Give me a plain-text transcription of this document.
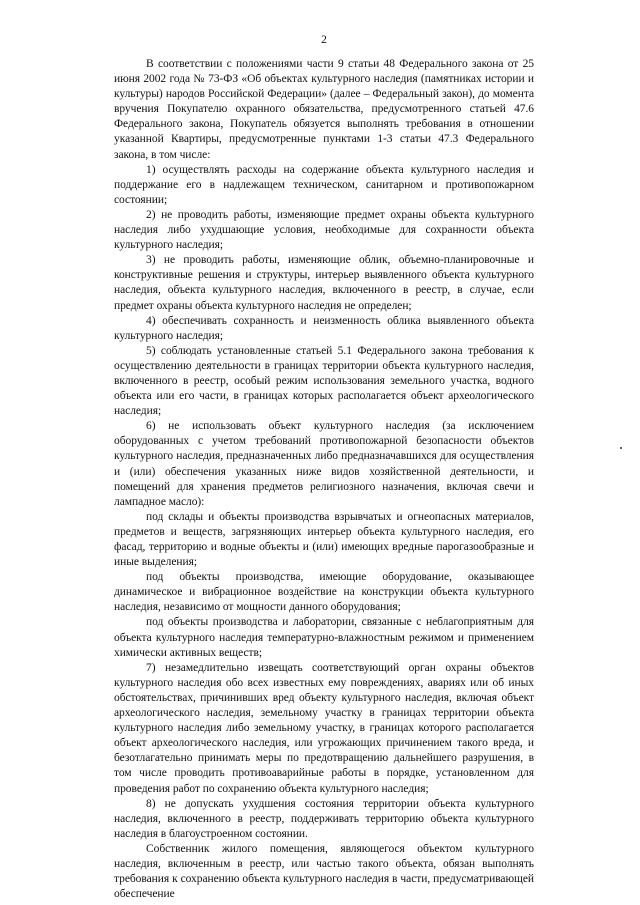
2

В соответствии с положениями части 9 статьи 48 Федерального закона от 25 июня 2002 года № 73-ФЗ «Об объектах культурного наследия (памятниках истории и культуры) народов Российской Федерации» (далее – Федеральный закон), до момента вручения Покупателю охранного обязательства, предусмотренного статьей 47.6 Федерального закона, Покупатель обязуется выполнять требования в отношении указанной Квартиры, предусмотренные пунктами 1-3 статьи 47.3 Федерального закона, в том числе:

1) осуществлять расходы на содержание объекта культурного наследия и поддержание его в надлежащем техническом, санитарном и противопожарном состоянии;

2) не проводить работы, изменяющие предмет охраны объекта культурного наследия либо ухудшающие условия, необходимые для сохранности объекта культурного наследия;

3) не проводить работы, изменяющие облик, объемно-планировочные и конструктивные решения и структуры, интерьер выявленного объекта культурного наследия, объекта культурного наследия, включенного в реестр, в случае, если предмет охраны объекта культурного наследия не определен;

4) обеспечивать сохранность и неизменность облика выявленного объекта культурного наследия;

5) соблюдать установленные статьей 5.1 Федерального закона требования к осуществлению деятельности в границах территории объекта культурного наследия, включенного в реестр, особый режим использования земельного участка, водного объекта или его части, в границах которых располагается объект археологического наследия;

6) не использовать объект культурного наследия (за исключением оборудованных с учетом требований противопожарной безопасности объектов культурного наследия, предназначенных либо предназначавшихся для осуществления и (или) обеспечения указанных ниже видов хозяйственной деятельности, и помещений для хранения предметов религиозного назначения, включая свечи и лампадное масло):

под склады и объекты производства взрывчатых и огнеопасных материалов, предметов и веществ, загрязняющих интерьер объекта культурного наследия, его фасад, территорию и водные объекты и (или) имеющих вредные парогазообразные и иные выделения;

под объекты производства, имеющие оборудование, оказывающее динамическое и вибрационное воздействие на конструкции объекта культурного наследия, независимо от мощности данного оборудования;

под объекты производства и лаборатории, связанные с неблагоприятным для объекта культурного наследия температурно-влажностным режимом и применением химически активных веществ;

7) незамедлительно извещать соответствующий орган охраны объектов культурного наследия обо всех известных ему повреждениях, авариях или об иных обстоятельствах, причинивших вред объекту культурного наследия, включая объект археологического наследия, земельному участку в границах территории объекта культурного наследия либо земельному участку, в границах которого располагается объект археологического наследия, или угрожающих причинением такого вреда, и безотлагательно принимать меры по предотвращению дальнейшего разрушения, в том числе проводить противоаварийные работы в порядке, установленном для проведения работ по сохранению объекта культурного наследия;

8) не допускать ухудшения состояния территории объекта культурного наследия, включенного в реестр, поддерживать территорию объекта культурного наследия в благоустроенном состоянии.

Собственник жилого помещения, являющегося объектом культурного наследия, включенным в реестр, или частью такого объекта, обязан выполнять требования к сохранению объекта культурного наследия в части, предусматривающей обеспечение
